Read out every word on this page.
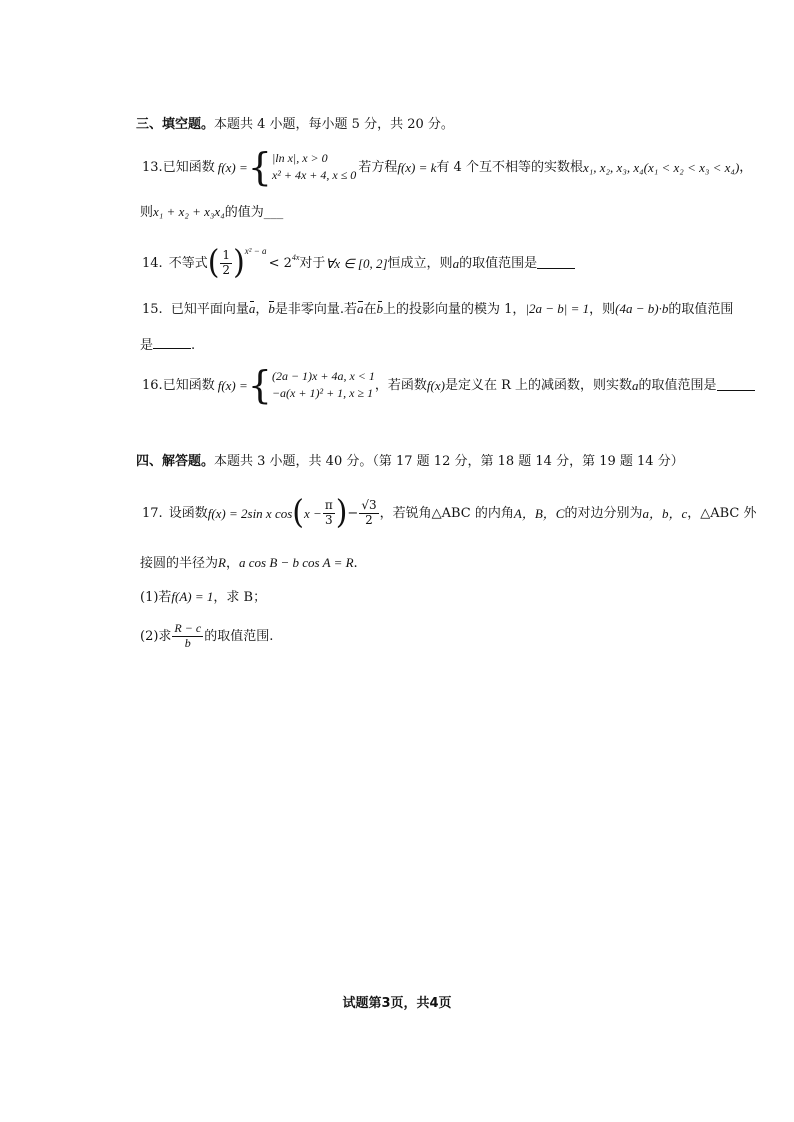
三、填空题。本题共 4 小题，每小题 5 分，共 20 分。
13. 已知函数 f(x) = { |ln x|, x > 0
x² + 4x + 4, x ≤ 0
若方程 f(x) = k 有 4 个互不相等的实数根 x₁, x₂, x₃, x₄ (x₁ < x₂ < x₃ < x₄) ，
则x₁ + x₂ + x₃x₄的值为___
14. 不等式 ( $\frac{1}{2} )^{x^2 - a}$
< $2^{4x}$ 对于 ∀x ∈ [0, 2] 恒成立，则 a 的取值范围是
15. 已知平面向量a，b是非零向量.若a在b上的投影向量的模为 1，|2a − b| = 1，则(4a − b)·b的取值范围
是	.
16. 已知函数 f(x) = { (2a − 1)x + 4a, x < 1
−a(x + 1)² + 1, x ≥ 1
，若函数 f(x) 是定义在 R 上的减函数，则实数 a 的取值范围是
四、解答题。本题共 3 小题，共 40 分。（第 17 题 12 分，第 18 题 14 分，第 19 题 14 分）
17. 设函数 f(x) = 2sin x cos ( $x - \frac{\pi}{3}$ ) − $\frac{√3}{2}$ ，若锐角△ABC 的内角 A，B，C 的对边分别为 a，b，c ，△ABC 外
接圆的半径为R，a cos B − b cos A = R.
(1)若f(A) = 1，求 B；
(2)求 $\frac{R - c}{b}$ 的取值范围.
试题第3页，共4页
